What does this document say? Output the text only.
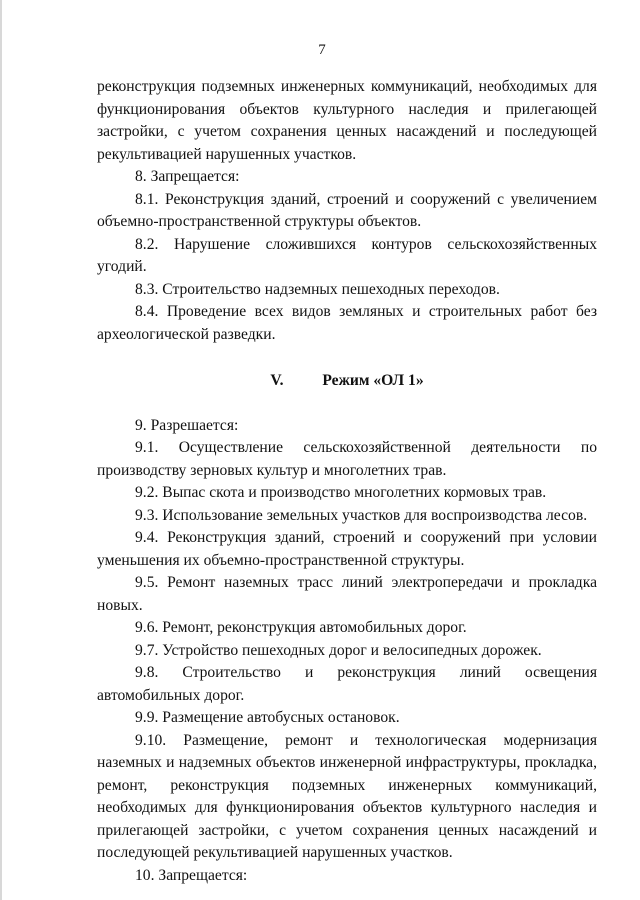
7

реконструкция подземных инженерных коммуникаций, необходимых для функционирования объектов культурного наследия и прилегающей застройки, с учетом сохранения ценных насаждений и последующей рекультивацией нарушенных участков.

8. Запрещается:

8.1. Реконструкция зданий, строений и сооружений с увеличением объемно-пространственной структуры объектов.

8.2. Нарушение сложившихся контуров сельскохозяйственных угодий.

8.3. Строительство надземных пешеходных переходов.

8.4. Проведение всех видов земляных и строительных работ без археологической разведки.

V. Режим «ОЛ 1»

9. Разрешается:

9.1. Осуществление сельскохозяйственной деятельности по производству зерновых культур и многолетних трав.

9.2. Выпас скота и производство многолетних кормовых трав.

9.3. Использование земельных участков для воспроизводства лесов.

9.4. Реконструкция зданий, строений и сооружений при условии уменьшения их объемно-пространственной структуры.

9.5. Ремонт наземных трасс линий электропередачи и прокладка новых.

9.6. Ремонт, реконструкция автомобильных дорог.

9.7. Устройство пешеходных дорог и велосипедных дорожек.

9.8. Строительство и реконструкция линий освещения автомобильных дорог.

9.9. Размещение автобусных остановок.

9.10. Размещение, ремонт и технологическая модернизация наземных и надземных объектов инженерной инфраструктуры, прокладка, ремонт, реконструкция подземных инженерных коммуникаций, необходимых для функционирования объектов культурного наследия и прилегающей застройки, с учетом сохранения ценных насаждений и последующей рекультивацией нарушенных участков.

10. Запрещается:
